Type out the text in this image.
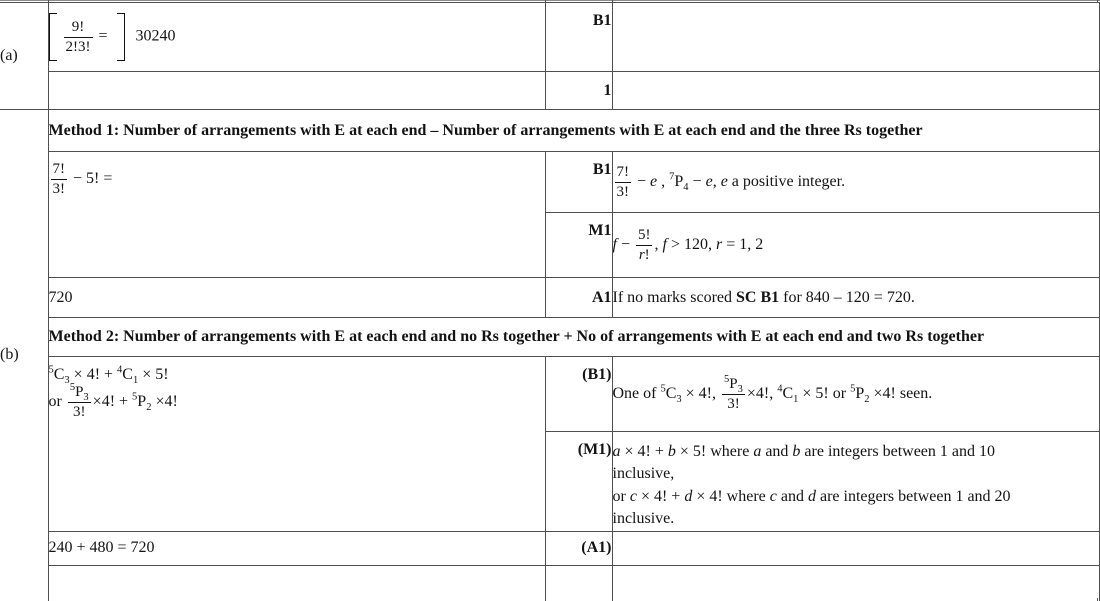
(a)	$\frac{9!}{2!3!} = 30240$	B1	
		1	
(b)	Method 1: Number of arrangements with E at each end – Number of arrangements with E at each end and the three Rs together		

	$\frac{7!}{3!} - 5$! =	B1	$\frac{7!}{3!} - e$ , $^7P_4 - e$, e a positive integer.
		M1	$f - \frac{5!}{r!}$ , f > 120, r = 1, 2
	720	A1	If no marks scored SC B1 for 840 – 120 = 720.
	Method 2: Number of arrangements with E at each end and no Rs together + No of arrangements with E at each end and two Rs together		
	$^5C_3 \times 4$! + $^4C_1 \times 5$!
or $\frac{^5P_3}{3!} \times 4$! + $^5P_2 \times 4$!	(B1)	One of $^5C_3 \times 4$!, $\frac{^5P_3}{3!} \times 4$!, $^4C_1 \times 5$! or $^5P_2 \times 4$! seen.
		(M1)	a × 4! + b × 5! where a and b are integers between 1 and 10
inclusive,
or c × 4! + d × 4! where c and d are integers between 1 and 20
inclusive.
	240 + 480 = 720	(A1)	
